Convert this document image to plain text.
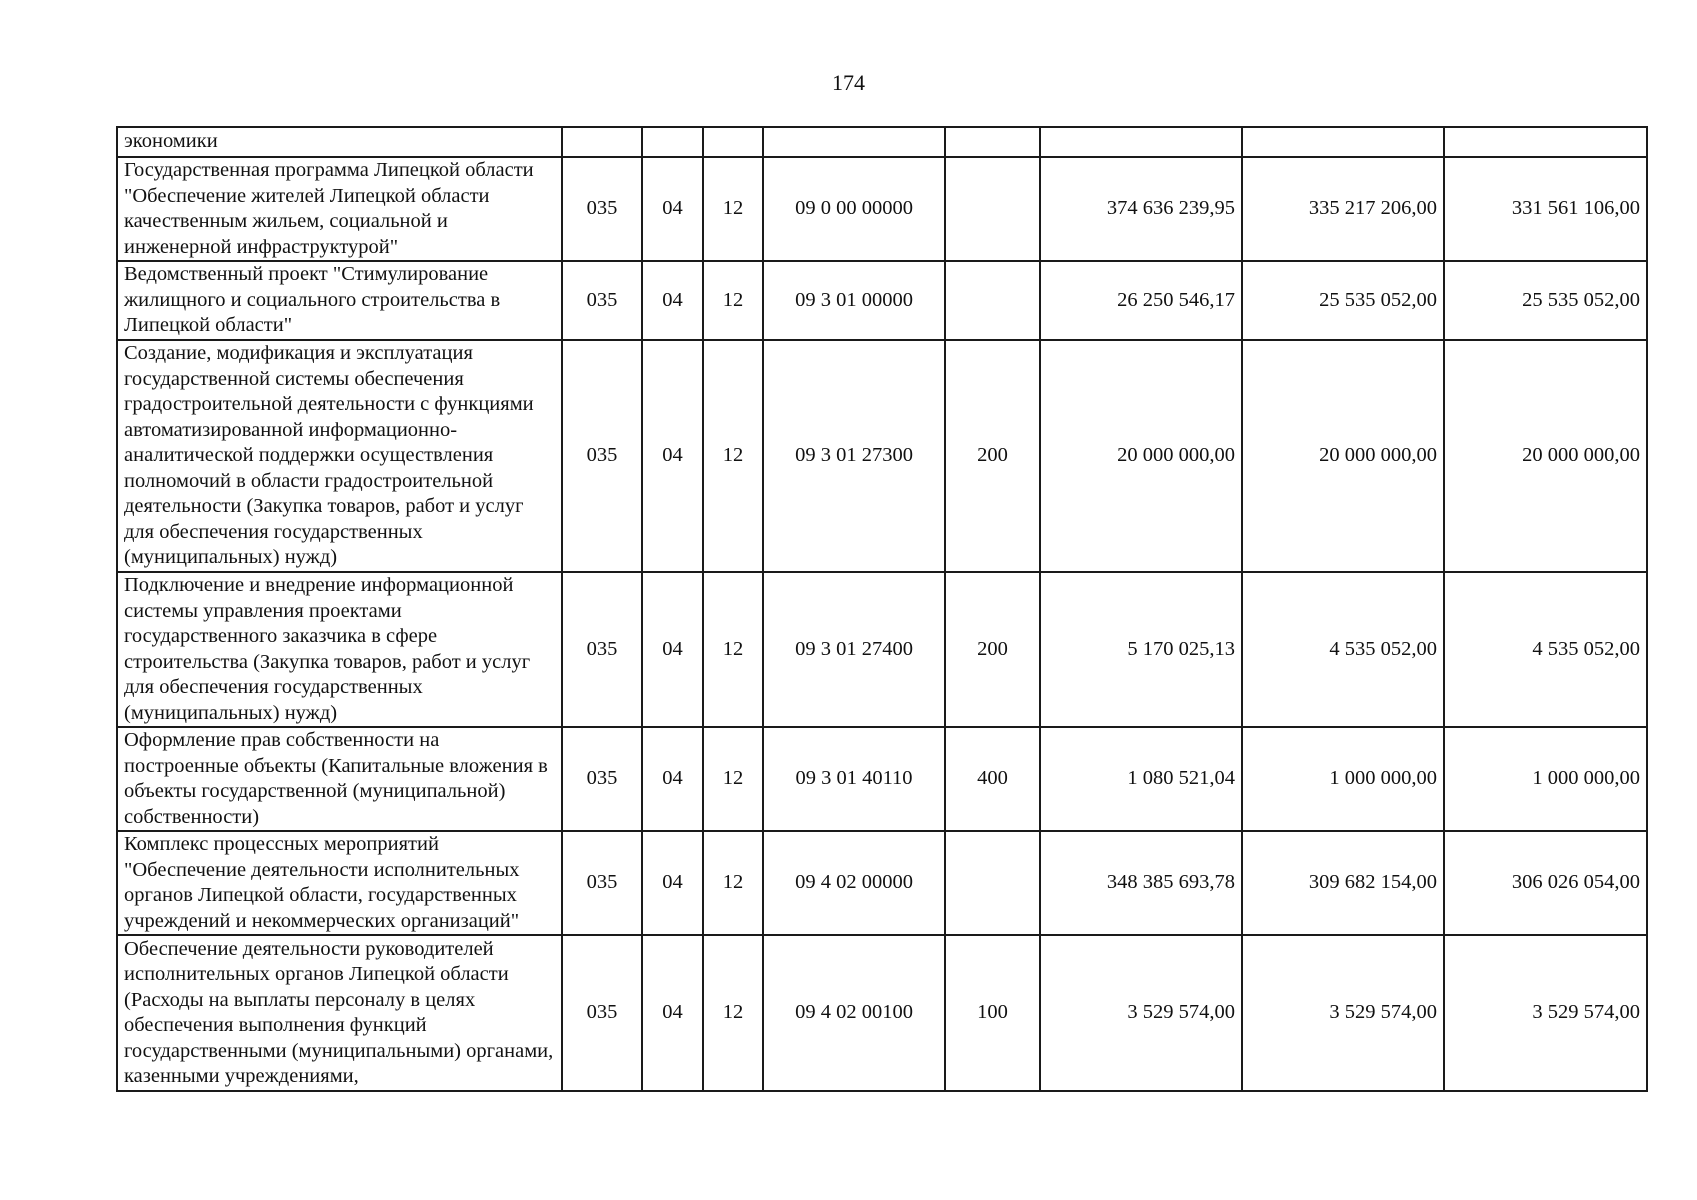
174
экономики								
Государственная программа Липецкой области "Обеспечение жителей Липецкой области качественным жильем, социальной и инженерной инфраструктурой"	035	04	12	09 0 00 00000		374 636 239,95	335 217 206,00	331 561 106,00
Ведомственный проект "Стимулирование жилищного и социального строительства в Липецкой области"	035	04	12	09 3 01 00000		26 250 546,17	25 535 052,00	25 535 052,00
Создание, модификация и эксплуатация государственной системы обеспечения градостроительной деятельности с функциями автоматизированной информационно-аналитической поддержки осуществления полномочий в области градостроительной деятельности (Закупка товаров, работ и услуг для обеспечения государственных (муниципальных) нужд)	035	04	12	09 3 01 27300	200	20 000 000,00	20 000 000,00	20 000 000,00
Подключение и внедрение информационной системы управления проектами государственного заказчика в сфере строительства (Закупка товаров, работ и услуг для обеспечения государственных (муниципальных) нужд)	035	04	12	09 3 01 27400	200	5 170 025,13	4 535 052,00	4 535 052,00
Оформление прав собственности на построенные объекты (Капитальные вложения в объекты государственной (муниципальной) собственности)	035	04	12	09 3 01 40110	400	1 080 521,04	1 000 000,00	1 000 000,00
Комплекс процессных мероприятий "Обеспечение деятельности исполнительных органов Липецкой области, государственных учреждений и некоммерческих организаций"	035	04	12	09 4 02 00000		348 385 693,78	309 682 154,00	306 026 054,00
Обеспечение деятельности руководителей исполнительных органов Липецкой области (Расходы на выплаты персоналу в целях обеспечения выполнения функций государственными (муниципальными) органами, казенными учреждениями,	035	04	12	09 4 02 00100	100	3 529 574,00	3 529 574,00	3 529 574,00
